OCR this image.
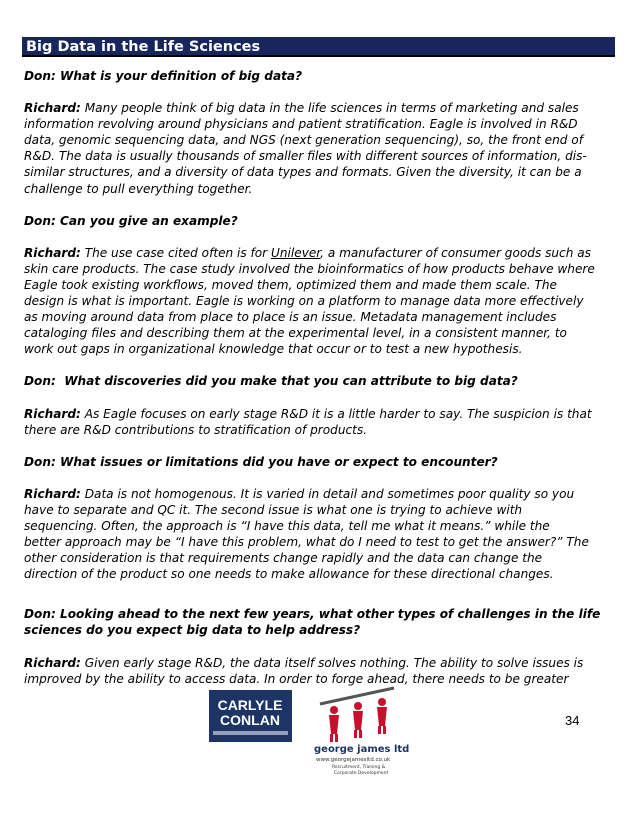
Big Data in the Life Sciences

Don: What is your definition of big data?

Richard: Many people think of big data in the life sciences in terms of marketing and sales
information revolving around physicians and patient stratification. Eagle is involved in R&D
data, genomic sequencing data, and NGS (next generation sequencing), so, the front end of
R&D. The data is usually thousands of smaller files with different sources of information, dis-
similar structures, and a diversity of data types and formats. Given the diversity, it can be a
challenge to pull everything together.

Don: Can you give an example?

Richard: The use case cited often is for Unilever, a manufacturer of consumer goods such as
skin care products. The case study involved the bioinformatics of how products behave where
Eagle took existing workflows, moved them, optimized them and made them scale. The
design is what is important. Eagle is working on a platform to manage data more effectively
as moving around data from place to place is an issue. Metadata management includes
cataloging files and describing them at the experimental level, in a consistent manner, to
work out gaps in organizational knowledge that occur or to test a new hypothesis.

Don: What discoveries did you make that you can attribute to big data?

Richard: As Eagle focuses on early stage R&D it is a little harder to say. The suspicion is that
there are R&D contributions to stratification of products.

Don: What issues or limitations did you have or expect to encounter?

Richard: Data is not homogenous. It is varied in detail and sometimes poor quality so you
have to separate and QC it. The second issue is what one is trying to achieve with
sequencing. Often, the approach is “I have this data, tell me what it means.” while the
better approach may be “I have this problem, what do I need to test to get the answer?” The
other consideration is that requirements change rapidly and the data can change the
direction of the product so one needs to make allowance for these directional changes.

Don: Looking ahead to the next few years, what other types of challenges in the life
sciences do you expect big data to help address?

Richard: Given early stage R&D, the data itself solves nothing. The ability to solve issues is
improved by the ability to access data. In order to forge ahead, there needs to be greater

34
CARLYLE
CONLAN
george james ltd
www.georgejamesltd.co.uk
Recruitment, Training &
Corporate Development
